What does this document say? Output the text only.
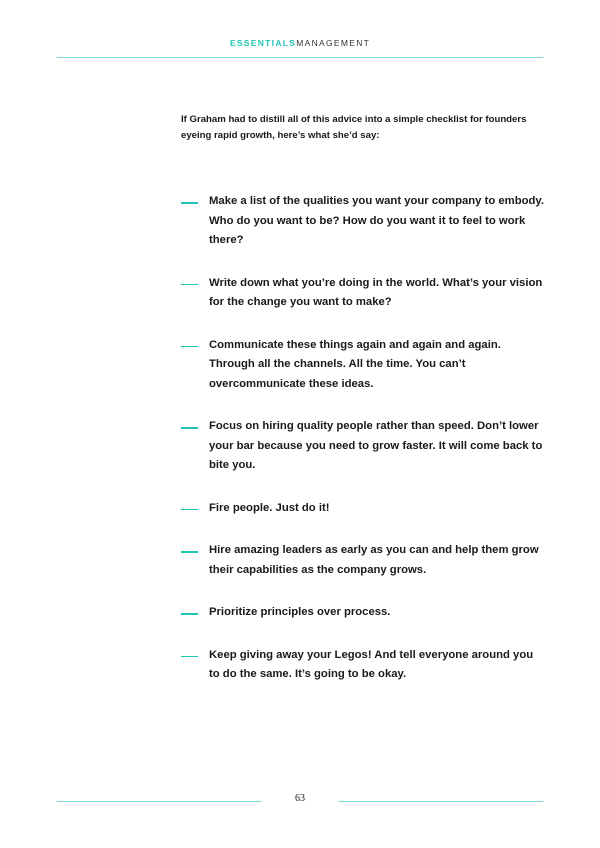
ESSENTIALSMANAGEMENT

If Graham had to distill all of this advice into a simple checklist for founders eyeing rapid growth, here’s what she’d say:

Make a list of the qualities you want your company to embody. Who do you want to be? How do you want it to feel to work there?
Write down what you’re doing in the world. What’s your vision for the change you want to make?
Communicate these things again and again and again. Through all the channels. All the time. You can’t overcommunicate these ideas.
Focus on hiring quality people rather than speed. Don’t lower your bar because you need to grow faster. It will come back to bite you.
Fire people. Just do it!
Hire amazing leaders as early as you can and help them grow their capabilities as the company grows.
Prioritize principles over process.
Keep giving away your Legos! And tell everyone around you to do the same. It’s going to be okay.
63
